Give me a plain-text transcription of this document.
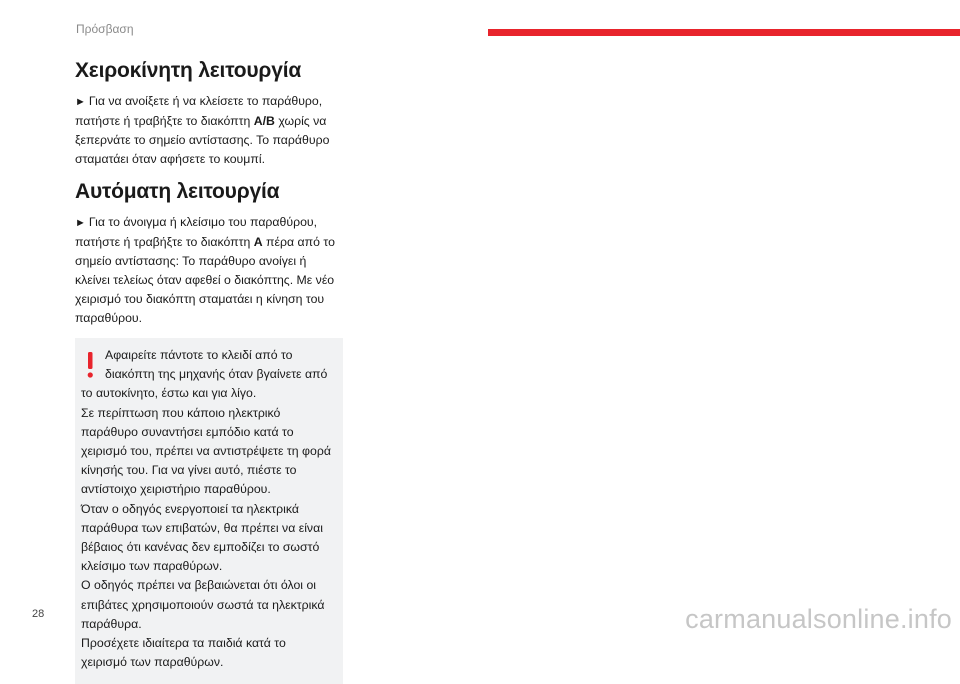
Πρόσβαση
Χειροκίνητη λειτουργία

► Για να ανοίξετε ή να κλείσετε το παράθυρο, πατήστε ή τραβήξτε το διακόπτη A/B χωρίς να ξεπερνάτε το σημείο αντίστασης. Το παράθυρο σταματάει όταν αφήσετε το κουμπί.

Αυτόματη λειτουργία

► Για το άνοιγμα ή κλείσιμο του παραθύρου, πατήστε ή τραβήξτε το διακόπτη A πέρα από το σημείο αντίστασης: Το παράθυρο ανοίγει ή κλείνει τελείως όταν αφεθεί ο διακόπτης. Με νέο χειρισμό του διακόπτη σταματάει η κίνηση του παραθύρου.

Αφαιρείτε πάντοτε το κλειδί από το διακόπτη της μηχανής όταν βγαίνετε από το αυτοκίνητο, έστω και για λίγο.

Σε περίπτωση που κάποιο ηλεκτρικό παράθυρο συναντήσει εμπόδιο κατά το χειρισμό του, πρέπει να αντιστρέψετε τη φορά κίνησής του. Για να γίνει αυτό, πιέστε το αντίστοιχο χειριστήριο παραθύρου.

Όταν ο οδηγός ενεργοποιεί τα ηλεκτρικά παράθυρα των επιβατών, θα πρέπει να είναι βέβαιος ότι κανένας δεν εμποδίζει το σωστό κλείσιμο των παραθύρων.

Ο οδηγός πρέπει να βεβαιώνεται ότι όλοι οι επιβάτες χρησιμοποιούν σωστά τα ηλεκτρικά παράθυρα.

Προσέχετε ιδιαίτερα τα παιδιά κατά το χειρισμό των παραθύρων.

28	carmanualsonline.info
